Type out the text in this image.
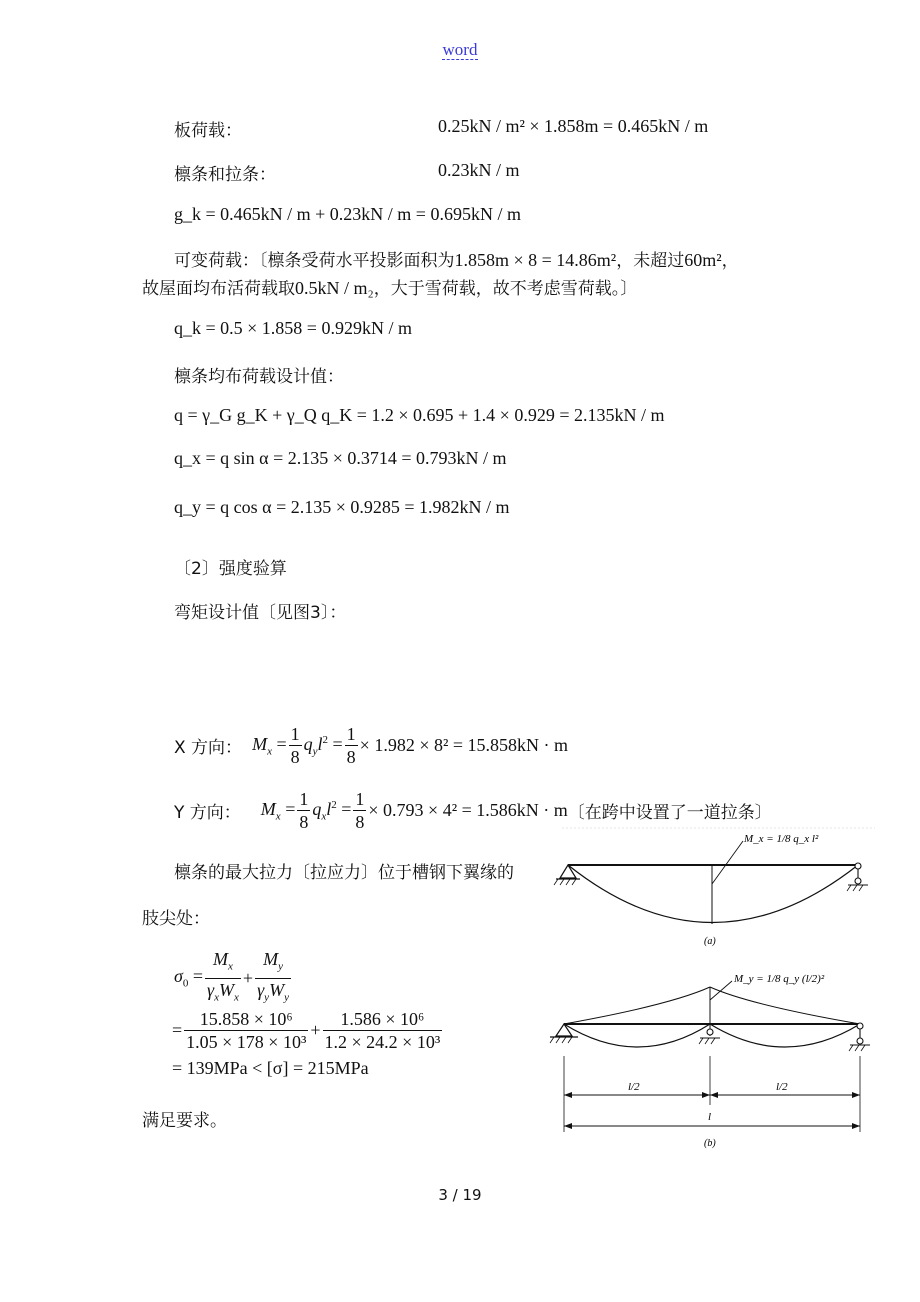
word
板荷载：	0.25kN / m² × 1.858m = 0.465kN / m
檩条和拉条：	0.23kN / m
g_k = 0.465kN / m + 0.23kN / m = 0.695kN / m
可变荷载：〔檩条受荷水平投影面积为1.858m × 8 = 14.86m²，未超过60m²，
故屋面均布活荷载取0.5kN / m₂，大于雪荷载，故不考虑雪荷载。〕
q_k = 0.5 × 1.858 = 0.929kN / m
檩条均布荷载设计值：
q = γ_G g_K + γ_Q q_K = 1.2 × 0.695 + 1.4 × 0.929 = 2.135kN / m
q_x = q sin α = 2.135 × 0.3714 = 0.793kN / m
q_y = q cos α = 2.135 × 0.9285 = 1.982kN / m
〔2〕强度验算
弯矩设计值〔见图3〕：
X 方向： $M_x = \frac{1}{8} q_yl^2 = \frac{1}{8} \times 1.982 \times 8^2 = 15.858kN \cdot m$
Y 方向： $M_x = \frac{1}{8} q_xl^2 = \frac{1}{8} \times 0.793 \times 4^2 = 1.586kN \cdot m$ 〔在跨中设置了一道拉条〕
檩条的最大拉力〔拉应力〕位于槽钢下翼缘的
肢尖处：
$\sigma_0 = \frac{M_x}{\gamma_xW_x} + \frac{M_y}{\gamma_yW_y}$
= $\frac{\text{15.858 × 10⁶}}{\text{1.05 × 178 × 10³}} + \frac{\text{1.586 × 10⁶}}{\text{1.2 × 24.2 × 10³}}$
= 139MPa < [σ] = 215MPa
满足要求。
M_x = 1/8 q_x l²
(a)
M_y = 1/8 q_y (l/2)²
l/2	l/2
l
(b)
3 / 19
